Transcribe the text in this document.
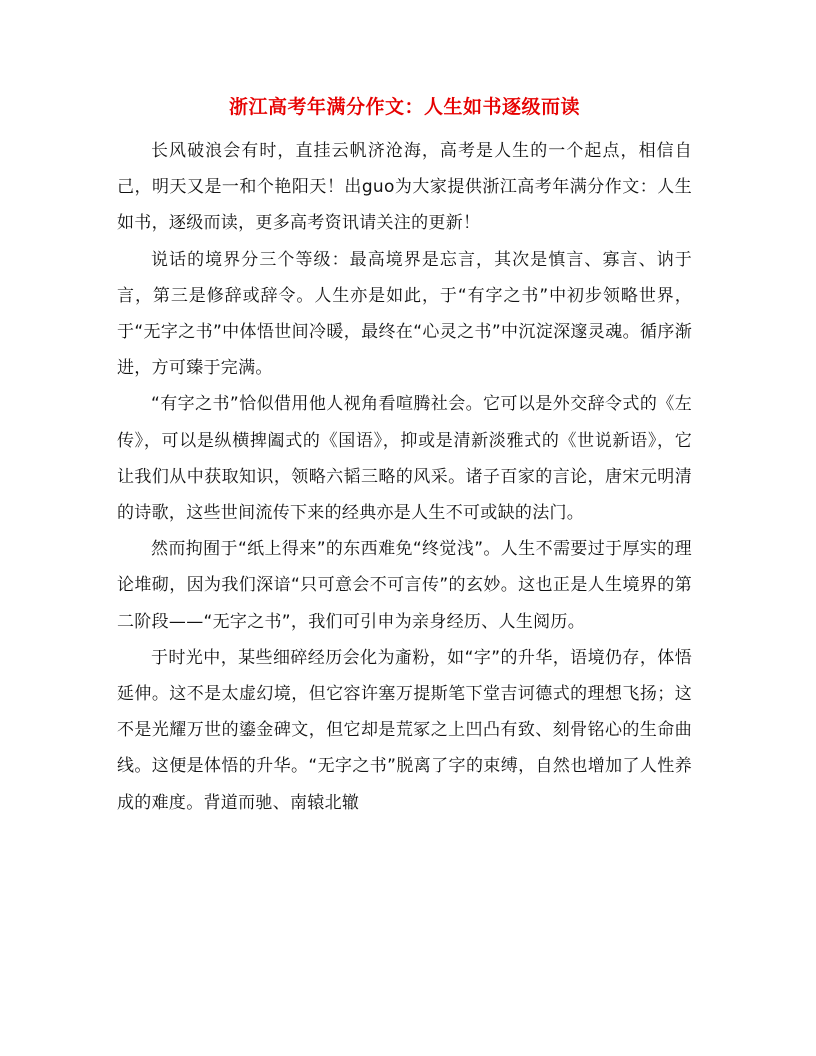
浙江高考年满分作文：人生如书逐级而读

长风破浪会有时，直挂云帆济沧海，高考是人生的一个起点，相信自己，明天又是一和个艳阳天！出guo为大家提供浙江高考年满分作文：人生如书，逐级而读，更多高考资讯请关注的更新！

说话的境界分三个等级：最高境界是忘言，其次是慎言、寡言、讷于言，第三是修辞或辞令。人生亦是如此，于“有字之书”中初步领略世界，于“无字之书”中体悟世间冷暖，最终在“心灵之书”中沉淀深邃灵魂。循序渐进，方可臻于完满。

“有字之书”恰似借用他人视角看喧腾社会。它可以是外交辞令式的《左传》，可以是纵横捭阖式的《国语》，抑或是清新淡雅式的《世说新语》，它让我们从中获取知识，领略六韬三略的风采。诸子百家的言论，唐宋元明清的诗歌，这些世间流传下来的经典亦是人生不可或缺的法门。

然而拘囿于“纸上得来”的东西难免“终觉浅”。人生不需要过于厚实的理论堆砌，因为我们深谙“只可意会不可言传”的玄妙。这也正是人生境界的第二阶段——“无字之书”，我们可引申为亲身经历、人生阅历。

于时光中，某些细碎经历会化为齑粉，如“字”的升华，语境仍存，体悟延伸。这不是太虚幻境，但它容许塞万提斯笔下堂吉诃德式的理想飞扬；这不是光耀万世的鎏金碑文，但它却是荒冢之上凹凸有致、刻骨铭心的生命曲线。这便是体悟的升华。“无字之书”脱离了字的束缚，自然也增加了人性养成的难度。背道而驰、南辕北辙
